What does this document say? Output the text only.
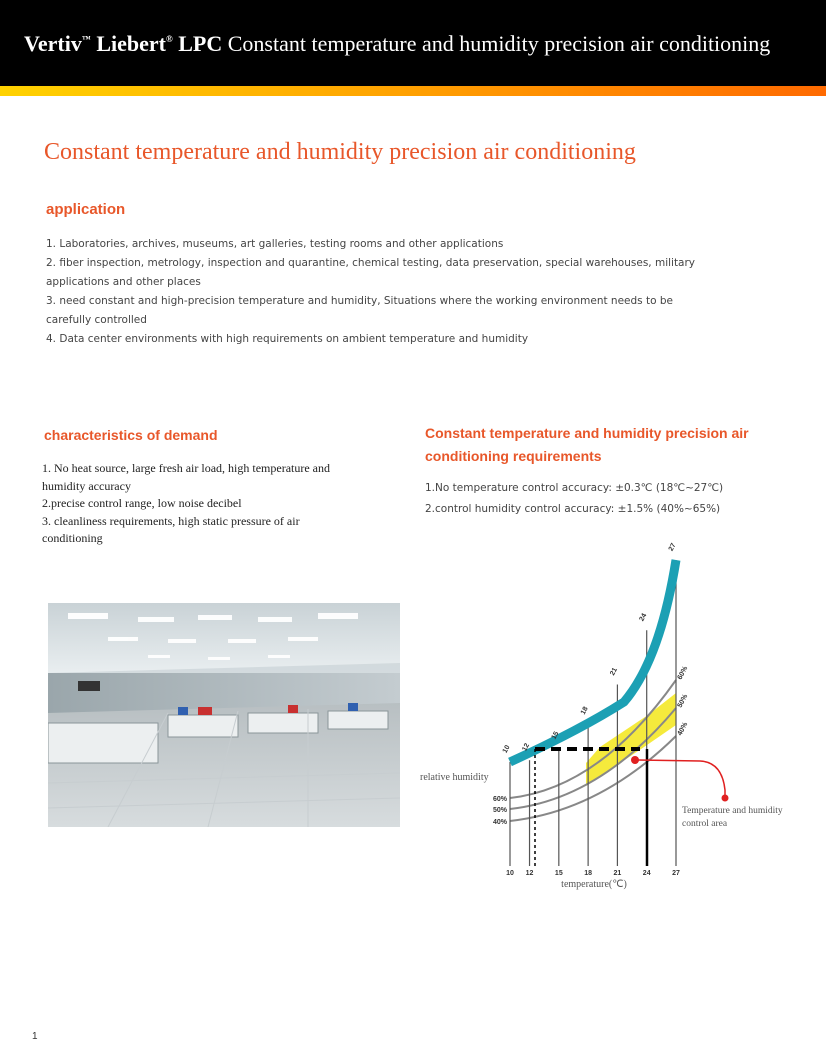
Vertiv™ Liebert® LPC Constant temperature and humidity precision air conditioning
Constant temperature and humidity precision air conditioning
application
1. Laboratories, archives, museums, art galleries, testing rooms and other applications
2. fiber inspection, metrology, inspection and quarantine, chemical testing, data preservation, special warehouses, military applications and other places
3. need constant and high-precision temperature and humidity, Situations where the working environment needs to be carefully controlled
4. Data center environments with high requirements on ambient temperature and humidity
characteristics of demand
1. No heat source, large fresh air load, high temperature and humidity accuracy
2.precise control range, low noise decibel
3. cleanliness requirements, high static pressure of air conditioning
Constant temperature and humidity precision air conditioning requirements
1.No temperature control accuracy: ±0.3℃ (18℃~27℃)
2.control humidity control accuracy: ±1.5% (40%~65%)
10 12	15	18	21	24	27
10 12
15
18
21
24
27
60%
50%
40%
60%
50%
40%
relative humidity
temperature(℃)
Temperature and humidity control area
1
